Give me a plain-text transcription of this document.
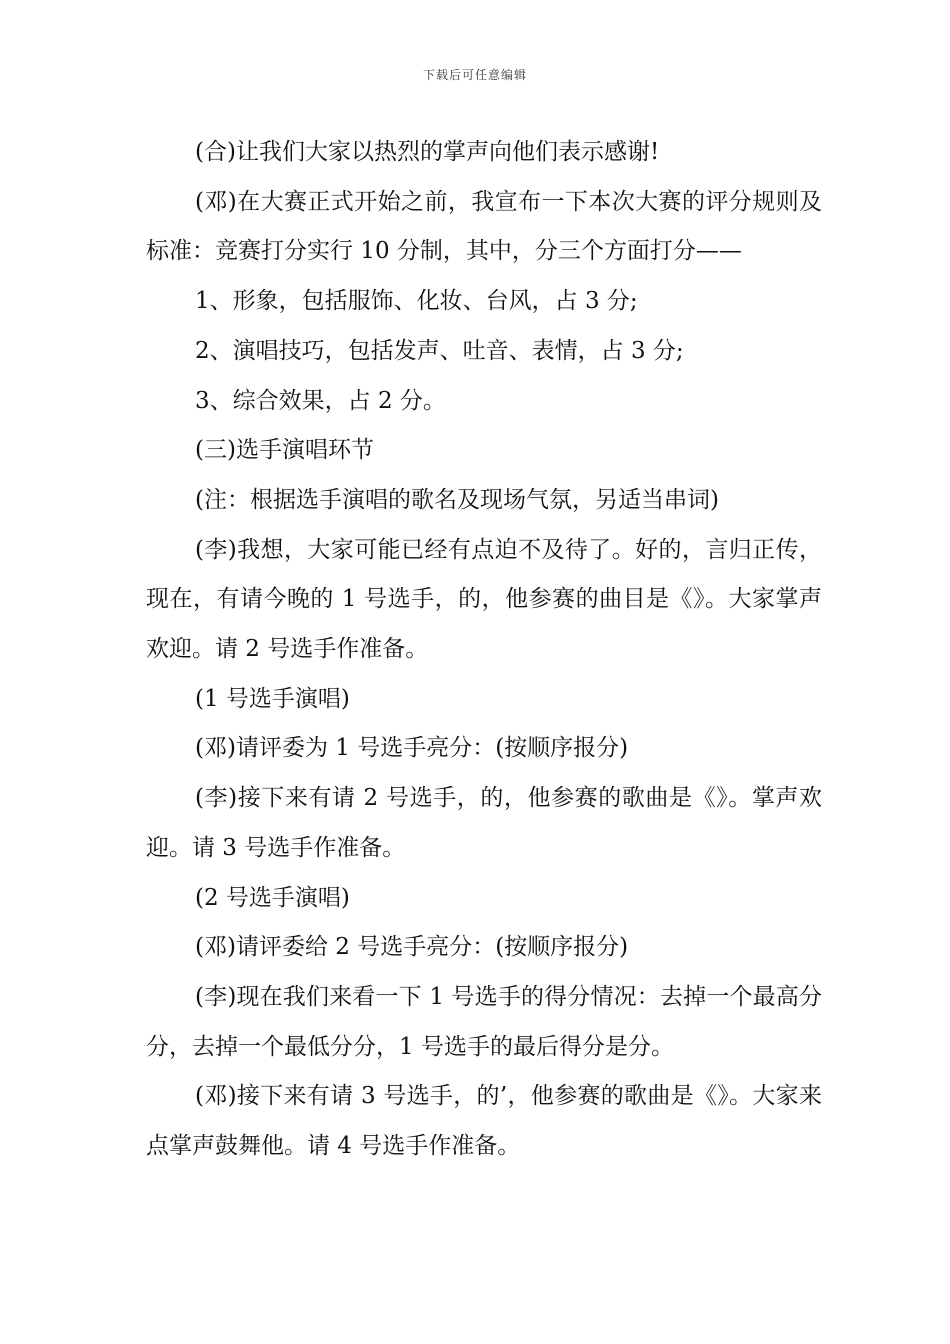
下载后可任意编辑

(合)让我们大家以热烈的掌声向他们表示感谢!

(邓)在大赛正式开始之前，我宣布一下本次大赛的评分规则及标准：竞赛打分实行 10 分制，其中，分三个方面打分——

1、形象，包括服饰、化妆、台风，占 3 分;

2、演唱技巧，包括发声、吐音、表情，占 3 分;

3、综合效果，占 2 分。

(三)选手演唱环节

(注：根据选手演唱的歌名及现场气氛，另适当串词)

(李)我想，大家可能已经有点迫不及待了。好的，言归正传，现在，有请今晚的 1 号选手，的，他参赛的曲目是《》。大家掌声欢迎。请 2 号选手作准备。

(1 号选手演唱)

(邓)请评委为 1 号选手亮分：(按顺序报分)

(李)接下来有请 2 号选手，的，他参赛的歌曲是《》。掌声欢迎。请 3 号选手作准备。

(2 号选手演唱)

(邓)请评委给 2 号选手亮分：(按顺序报分)

(李)现在我们来看一下 1 号选手的得分情况：去掉一个最高分分，去掉一个最低分分，1 号选手的最后得分是分。

(邓)接下来有请 3 号选手，的’，他参赛的歌曲是《》。大家来点掌声鼓舞他。请 4 号选手作准备。
